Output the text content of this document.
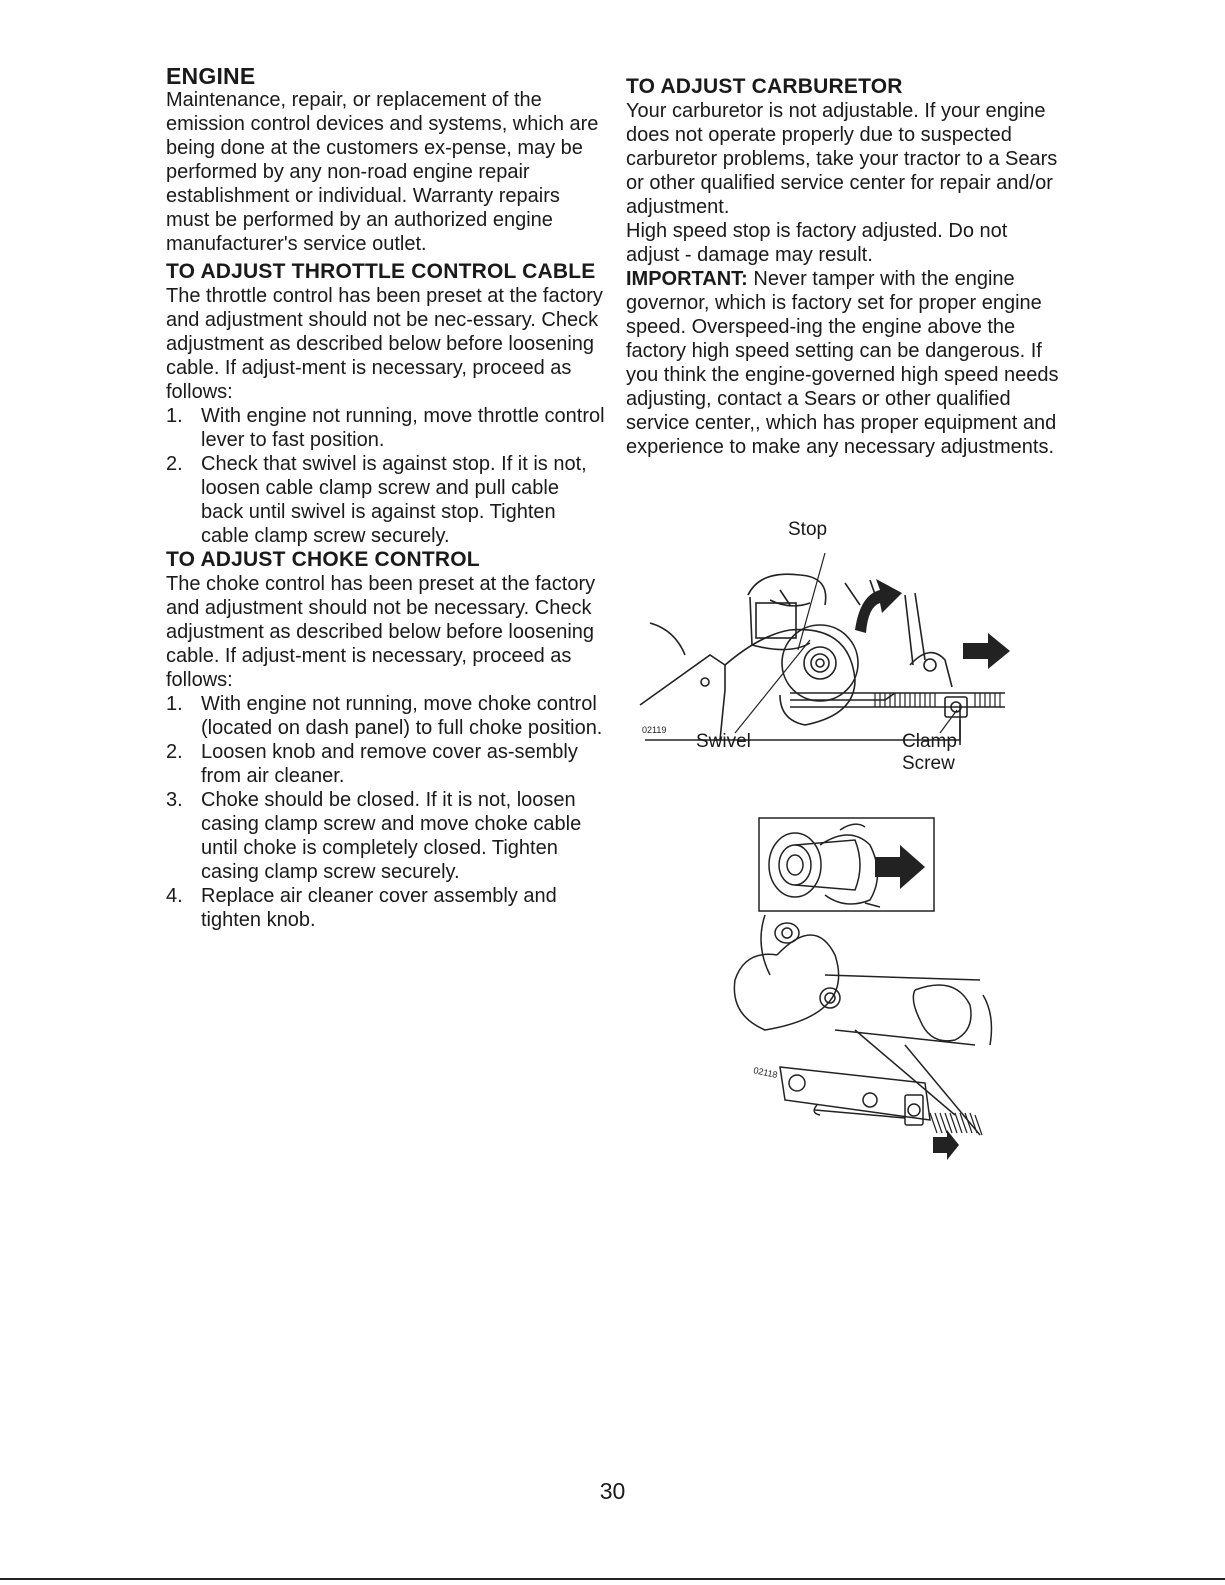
ENGINE

Maintenance, repair, or replacement of the emission control devices and systems, which are being done at the customers ex-pense, may be performed by any non-road engine repair establishment or individual. Warranty repairs must be performed by an authorized engine manufacturer's service outlet.

TO ADJUST THROTTLE CONTROL CABLE

The throttle control has been preset at the factory and adjustment should not be nec-essary. Check adjustment as described below before loosening cable. If adjust-ment is necessary, proceed as follows:

1. With engine not running, move throttle control lever to fast position.
2. Check that swivel is against stop. If it is not, loosen cable clamp screw and pull cable back until swivel is against stop. Tighten cable clamp screw securely.
TO ADJUST CHOKE CONTROL

The choke control has been preset at the factory and adjustment should not be necessary. Check adjustment as described below before loosening cable. If adjust-ment is necessary, proceed as follows:

1. With engine not running, move choke control (located on dash panel) to full choke position.
2. Loosen knob and remove cover as-sembly from air cleaner.
3. Choke should be closed. If it is not, loosen casing clamp screw and move choke cable until choke is completely closed. Tighten casing clamp screw securely.
4. Replace air cleaner cover assembly and tighten knob.
TO ADJUST CARBURETOR

Your carburetor is not adjustable. If your engine does not operate properly due to suspected carburetor problems, take your tractor to a Sears or other qualified service center for repair and/or adjustment.

High speed stop is factory adjusted. Do not adjust - damage may result.

IMPORTANT: Never tamper with the engine governor, which is factory set for proper engine speed. Overspeed-ing the engine above the factory high speed setting can be dangerous. If you think the engine-governed high speed needs adjusting, contact a Sears or other qualified service center,, which has proper equipment and experience to make any necessary adjustments.

02119
Stop
Swivel	Clamp
Screw
02118
30
